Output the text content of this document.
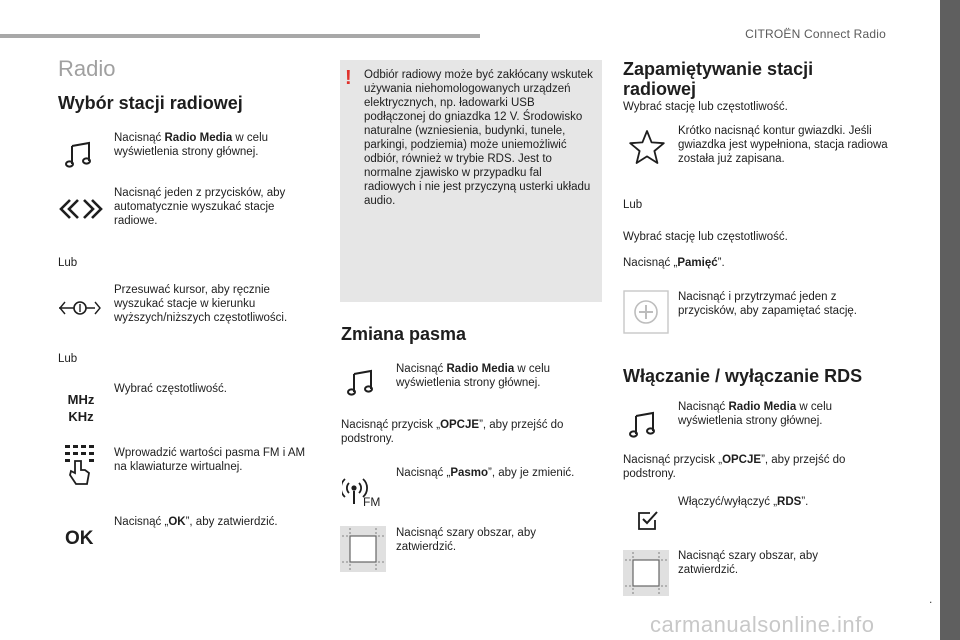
CITROËN Connect Radio
.
carmanualsonline.info
Radio
Wybór stacji radiowej
Nacisnąć Radio Media w celu wyświetlenia strony głównej.
Nacisnąć jeden z przycisków, aby automatycznie wyszukać stacje radiowe.
Lub
Przesuwać kursor, aby ręcznie wyszukać stacje w kierunku wyższych/niższych częstotliwości.
Lub
MHz
KHz
Wybrać częstotliwość.
Wprowadzić wartości pasma FM i AM na klawiaturze wirtualnej.
OK
Nacisnąć „OK”, aby zatwierdzić.
! Odbiór radiowy może być zakłócany wskutek używania niehomologowanych urządzeń elektrycznych, np. ładowarki USB podłączonej do gniazdka 12 V. Środowisko naturalne (wzniesienia, budynki, tunele, parkingi, podziemia) może uniemożliwić odbiór, również w trybie RDS. Jest to normalne zjawisko w przypadku fal radiowych i nie jest przyczyną usterki układu audio.
Zmiana pasma
Nacisnąć Radio Media w celu wyświetlenia strony głównej.
Nacisnąć przycisk „OPCJE”, aby przejść do podstrony.
FM
Nacisnąć „Pasmo”, aby je zmienić.
Nacisnąć szary obszar, aby zatwierdzić.
Zapamiętywanie stacji radiowej
Wybrać stację lub częstotliwość.
Krótko nacisnąć kontur gwiazdki. Jeśli gwiazdka jest wypełniona, stacja radiowa została już zapisana.
Lub
Wybrać stację lub częstotliwość.
Nacisnąć „Pamięć”.
Nacisnąć i przytrzymać jeden z przycisków, aby zapamiętać stację.
Włączanie / wyłączanie RDS
Nacisnąć Radio Media w celu wyświetlenia strony głównej.
Nacisnąć przycisk „OPCJE”, aby przejść do podstrony.
Włączyć/wyłączyć „RDS”.
Nacisnąć szary obszar, aby zatwierdzić.
